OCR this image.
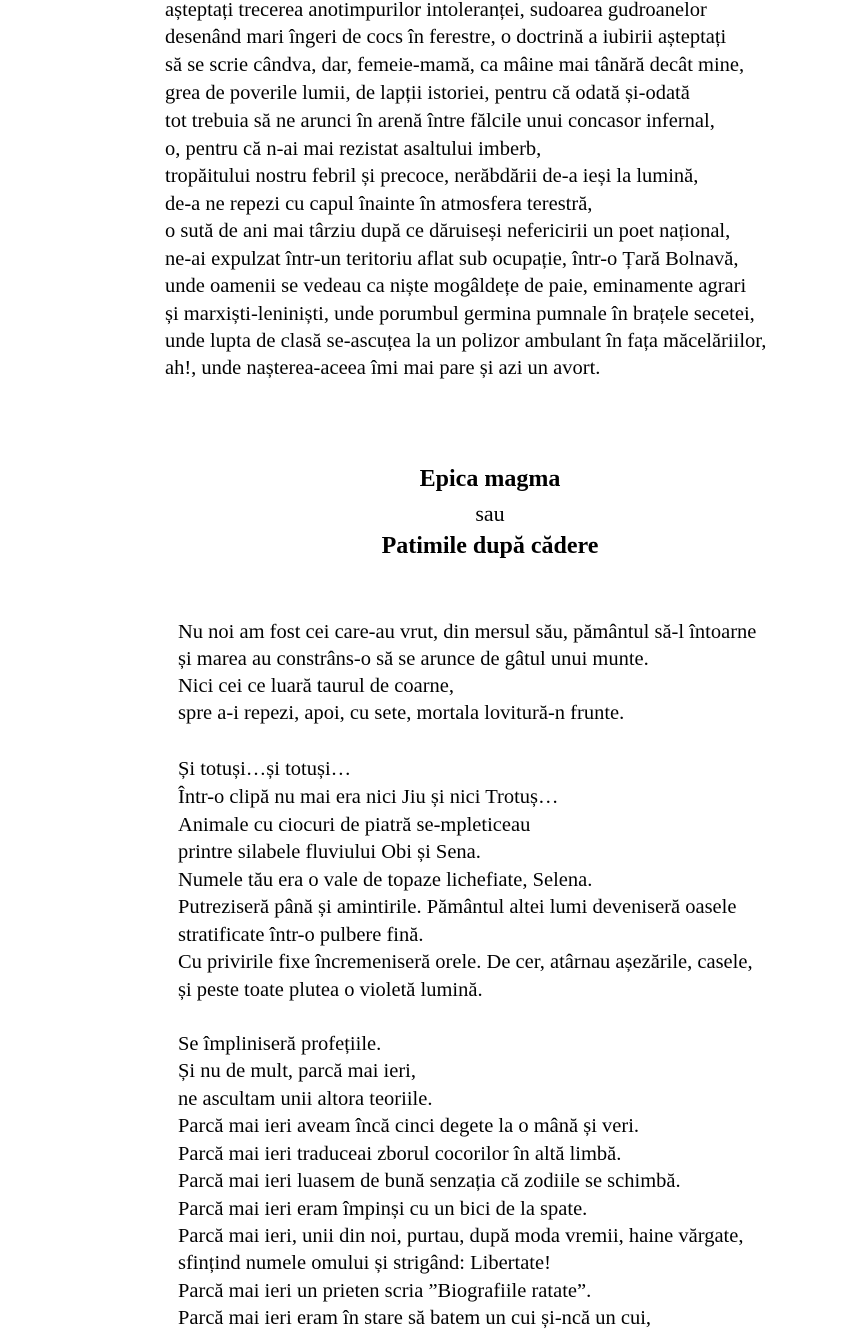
așteptați trecerea anotimpurilor intoleranței, sudoarea gudroanelor

desenând mari îngeri de cocs în ferestre, o doctrină a iubirii așteptați

să se scrie cândva, dar, femeie-mamă, ca mâine mai tânără decât mine,

grea de poverile lumii, de lapții istoriei, pentru că odată și-odată

tot trebuia să ne arunci în arenă între fălcile unui concasor infernal,

o, pentru că n-ai mai rezistat asaltului imberb,

tropăitului nostru febril și precoce, nerăbdării de-a ieși la lumină,

de-a ne repezi cu capul înainte în atmosfera terestră,

o sută de ani mai târziu după ce dăruiseși nefericirii un poet național,

ne-ai expulzat într-un teritoriu aflat sub ocupație, într-o Țară Bolnavă,

unde oamenii se vedeau ca niște mogâldețe de paie, eminamente agrari

și marxiști-leniniști, unde porumbul germina pumnale în brațele secetei,

unde lupta de clasă se-ascuțea la un polizor ambulant în fața măcelăriilor,

ah!, unde nașterea-aceea îmi mai pare și azi un avort.

Epica magma

sau

Patimile după cădere

Nu noi am fost cei care-au vrut, din mersul său, pământul să-l întoarne

și marea au constrâns-o să se arunce de gâtul unui munte.

Nici cei ce luară taurul de coarne,

spre a-i repezi, apoi, cu sete, mortala lovitură-n frunte.

Și totuși…și totuși…

Într-o clipă nu mai era nici Jiu și nici Trotuș…

Animale cu ciocuri de piatră se-mpleticeau

printre silabele fluviului Obi și Sena.

Numele tău era o vale de topaze lichefiate, Selena.

Putreziseră până și amintirile. Pământul altei lumi deveniseră oasele

stratificate într-o pulbere fină.

Cu privirile fixe încremeniseră orele. De cer, atârnau așezările, casele,

și peste toate plutea o violetă lumină.

Se împliniseră profețiile.

Și nu de mult, parcă mai ieri,

ne ascultam unii altora teoriile.

Parcă mai ieri aveam încă cinci degete la o mână și veri.

Parcă mai ieri traduceai zborul cocorilor în altă limbă.

Parcă mai ieri luasem de bună senzația că zodiile se schimbă.

Parcă mai ieri eram împinși cu un bici de la spate.

Parcă mai ieri, unii din noi, purtau, după moda vremii, haine vărgate,

sfințind numele omului și strigând: Libertate!

Parcă mai ieri un prieten scria ”Biografiile ratate”.

Parcă mai ieri eram în stare să batem un cui și-ncă un cui,
